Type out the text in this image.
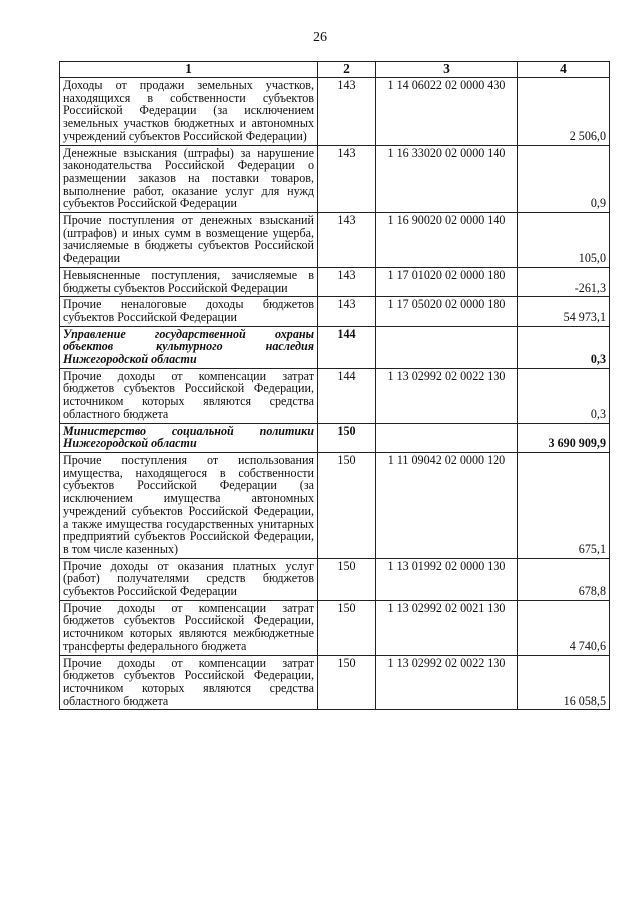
26
1	2	3	4
Доходы от продажи земельных участков, находящихся в собственности субъектов Российской Федерации (за исключением земельных участков бюджетных и автономных учреждений субъектов Российской Федерации)	143	1 14 06022 02 0000 430	2 506,0
Денежные взыскания (штрафы) за нарушение законодательства Российской Федерации о размещении заказов на поставки товаров, выполнение работ, оказание услуг для нужд субъектов Российской Федерации	143	1 16 33020 02 0000 140	0,9
Прочие поступления от денежных взысканий (штрафов) и иных сумм в возмещение ущерба, зачисляемые в бюджеты субъектов Российской Федерации	143	1 16 90020 02 0000 140	105,0
Невыясненные поступления, зачисляемые в бюджеты субъектов Российской Федерации	143	1 17 01020 02 0000 180	-261,3
Прочие неналоговые доходы бюджетов субъектов Российской Федерации	143	1 17 05020 02 0000 180	54 973,1
Управление государственной охраны объектов культурного наследия Нижегородской области	144		0,3
Прочие доходы от компенсации затрат бюджетов субъектов Российской Федерации, источником которых являются средства областного бюджета	144	1 13 02992 02 0022 130	0,3
Министерство социальной политики Нижегородской области	150		3 690 909,9
Прочие поступления от использования имущества, находящегося в собственности субъектов Российской Федерации (за исключением имущества автономных учреждений субъектов Российской Федерации, а также имущества государственных унитарных предприятий субъектов Российской Федерации, в том числе казенных)	150	1 11 09042 02 0000 120	675,1
Прочие доходы от оказания платных услуг (работ) получателями средств бюджетов субъектов Российской Федерации	150	1 13 01992 02 0000 130	678,8
Прочие доходы от компенсации затрат бюджетов субъектов Российской Федерации, источником которых являются межбюджетные трансферты федерального бюджета	150	1 13 02992 02 0021 130	4 740,6
Прочие доходы от компенсации затрат бюджетов субъектов Российской Федерации, источником которых являются средства областного бюджета	150	1 13 02992 02 0022 130	16 058,5
